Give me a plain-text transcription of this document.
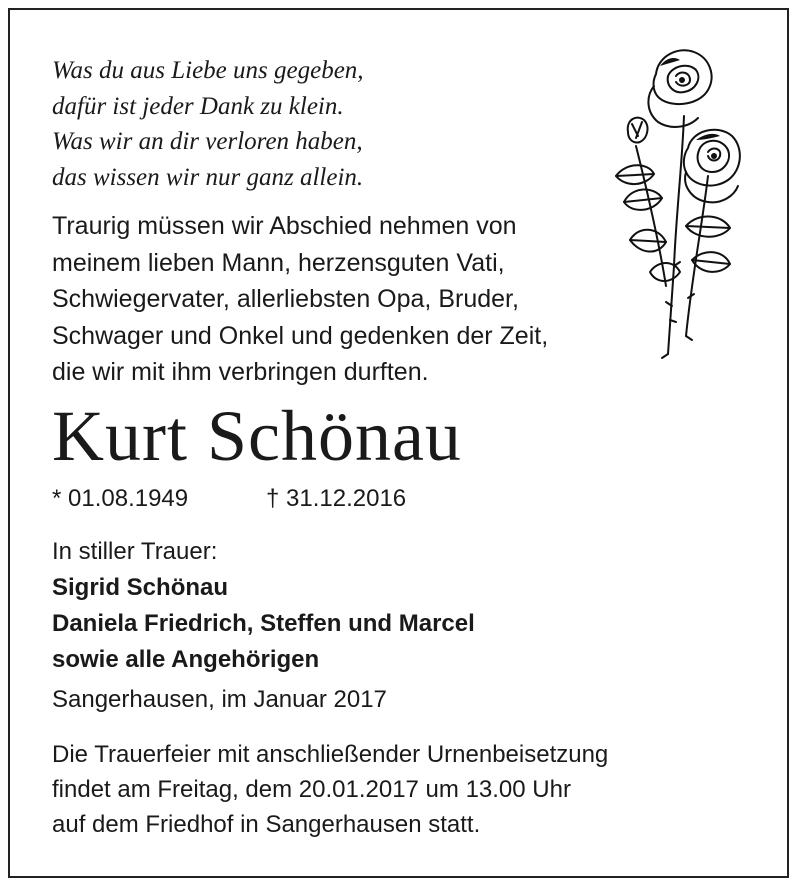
Was du aus Liebe uns gegeben,
dafür ist jeder Dank zu klein.
Was wir an dir verloren haben,
das wissen wir nur ganz allein.
Traurig müssen wir Abschied nehmen von
meinem lieben Mann, herzensguten Vati,
Schwiegervater, allerliebsten Opa, Bruder,
Schwager und Onkel und gedenken der Zeit,
die wir mit ihm verbringen durften.
Kurt Schönau
* 01.08.1949	† 31.12.2016
In stiller Trauer:
Sigrid Schönau
Daniela Friedrich, Steffen und Marcel
sowie alle Angehörigen
Sangerhausen, im Januar 2017
Die Trauerfeier mit anschließender Urnenbeisetzung
findet am Freitag, dem 20.01.2017 um 13.00 Uhr
auf dem Friedhof in Sangerhausen statt.
